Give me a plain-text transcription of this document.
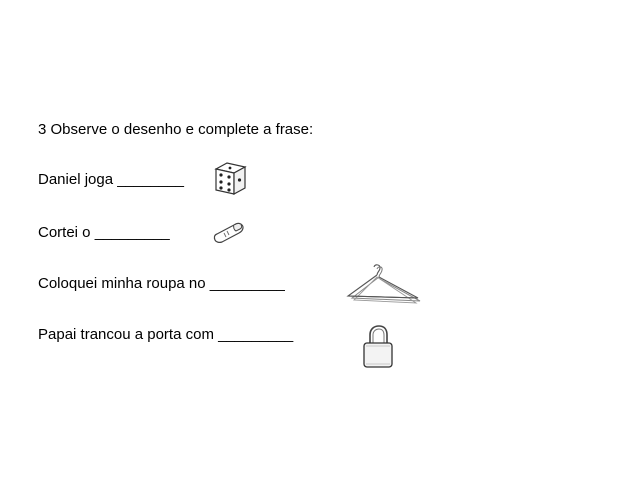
3 Observe o desenho e complete a frase:
Daniel joga ________
Cortei o _________
Coloquei minha roupa no _________
Papai trancou a porta com _________
